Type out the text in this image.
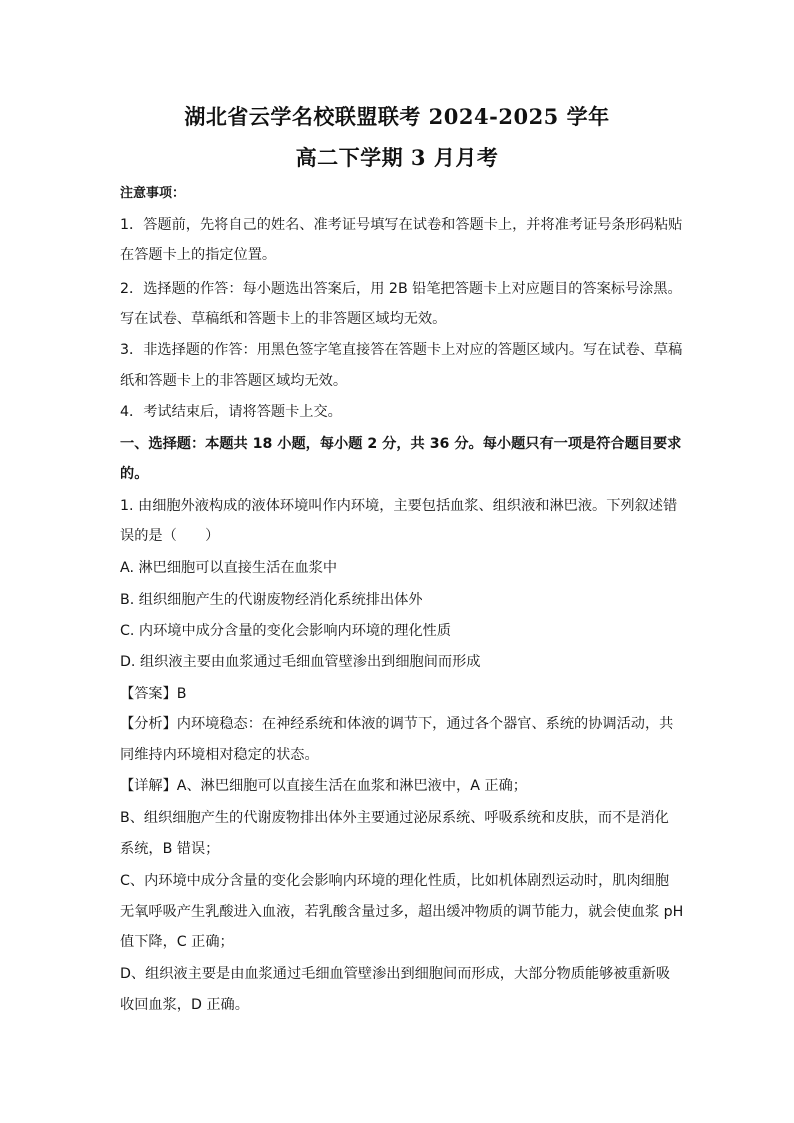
湖北省云学名校联盟联考 2024-2025 学年
高二下学期 3 月月考
注意事项：
1．答题前，先将自己的姓名、准考证号填写在试卷和答题卡上，并将准考证号条形码粘贴
在答题卡上的指定位置。
2．选择题的作答：每小题选出答案后，用 2B 铅笔把答题卡上对应题目的答案标号涂黑。
写在试卷、草稿纸和答题卡上的非答题区域均无效。
3．非选择题的作答：用黑色签字笔直接答在答题卡上对应的答题区域内。写在试卷、草稿
纸和答题卡上的非答题区域均无效。
4．考试结束后，请将答题卡上交。
一、选择题：本题共 18 小题，每小题 2 分，共 36 分。每小题只有一项是符合题目要求
的。
1. 由细胞外液构成的液体环境叫作内环境，主要包括血浆、组织液和淋巴液。下列叙述错
误的是（　　）
A. 淋巴细胞可以直接生活在血浆中
B. 组织细胞产生的代谢废物经消化系统排出体外
C. 内环境中成分含量的变化会影响内环境的理化性质
D. 组织液主要由血浆通过毛细血管壁渗出到细胞间而形成
【答案】B
【分析】内环境稳态：在神经系统和体液的调节下，通过各个器官、系统的协调活动，共
同维持内环境相对稳定的状态。
【详解】A、淋巴细胞可以直接生活在血浆和淋巴液中，A 正确；
B、组织细胞产生的代谢废物排出体外主要通过泌尿系统、呼吸系统和皮肤，而不是消化
系统，B 错误；
C、内环境中成分含量的变化会影响内环境的理化性质，比如机体剧烈运动时，肌肉细胞
无氧呼吸产生乳酸进入血液，若乳酸含量过多，超出缓冲物质的调节能力，就会使血浆 pH
值下降，C 正确；
D、组织液主要是由血浆通过毛细血管壁渗出到细胞间而形成，大部分物质能够被重新吸
收回血浆，D 正确。
